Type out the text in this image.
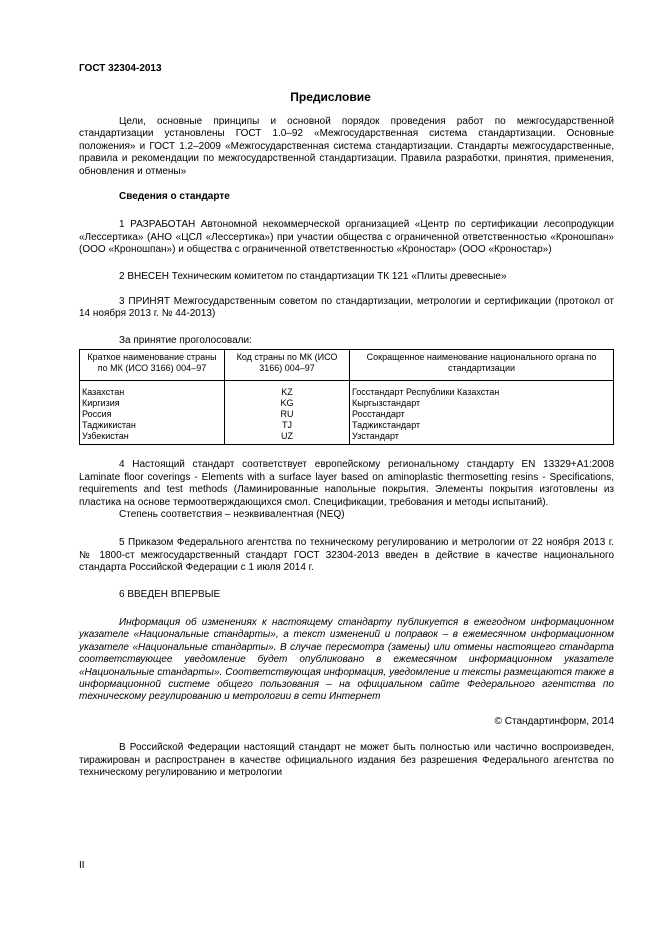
ГОСТ 32304-2013
Предисловие

Цели, основные принципы и основной порядок проведения работ по межгосударственной стандартизации установлены ГОСТ 1.0–92 «Межгосударственная система стандартизации. Основные положения» и ГОСТ 1.2–2009 «Межгосударственная система стандартизации. Стандарты межгосударственные, правила и рекомендации по межгосударственной стандартизации. Правила разработки, принятия, применения, обновления и отмены»

Сведения о стандарте

1 РАЗРАБОТАН Автономной некоммерческой организацией «Центр по сертификации лесопродукции «Лессертика» (АНО «ЦСЛ «Лессертика») при участии общества с ограниченной ответственностью «Кроношпан» (ООО «Кроношпан») и общества с ограниченной ответственностью «Кроностар» (ООО «Кроностар»)

2 ВНЕСЕН Техническим комитетом по стандартизации ТК 121 «Плиты древесные»

3 ПРИНЯТ Межгосударственным советом по стандартизации, метрологии и сертификации (протокол от 14 ноября 2013 г. № 44-2013)

За принятие проголосовали:
Краткое наименование страны по МК (ИСО 3166) 004–97	Код страны по МК (ИСО 3166) 004–97	Сокращенное наименование национального органа по стандартизации

Казахстан	KZ	Госстандарт Республики Казахстан
Киргизия	KG	Кыргызстандарт
Россия	RU	Росстандарт
Таджикистан	TJ	Таджикстандарт
Узбекистан	UZ	Узстандарт

4 Настоящий стандарт соответствует европейскому региональному стандарту EN 13329+A1:2008 Laminate floor coverings - Elements with a surface layer based on aminoplastic thermosetting resins - Specifications, requirements and test methods (Ламинированные напольные покрытия. Элементы покрытия изготовлены из пластика на основе термоотверждающихся смол. Спецификации, требования и методы испытаний).

Степень соответствия – неэквивалентная (NEQ)

5 Приказом Федерального агентства по техническому регулированию и метрологии от 22 ноября 2013 г. № 1800-ст межгосударственный стандарт ГОСТ 32304-2013 введен в действие в качестве национального стандарта Российской Федерации с 1 июля 2014 г.

6 ВВЕДЕН ВПЕРВЫЕ

Информация об изменениях к настоящему стандарту публикуется в ежегодном информационном указателе «Национальные стандарты», а текст изменений и поправок – в ежемесячном информационном указателе «Национальные стандарты». В случае пересмотра (замены) или отмены настоящего стандарта соответствующее уведомление будет опубликовано в ежемесячном информационном указателе «Национальные стандарты». Соответствующая информация, уведомление и тексты размещаются также в информационной системе общего пользования – на официальном сайте Федерального агентства по техническому регулированию и метрологии в сети Интернет

© Стандартинформ, 2014

В Российской Федерации настоящий стандарт не может быть полностью или частично воспроизведен, тиражирован и распространен в качестве официального издания без разрешения Федерального агентства по техническому регулированию и метрологии

II
